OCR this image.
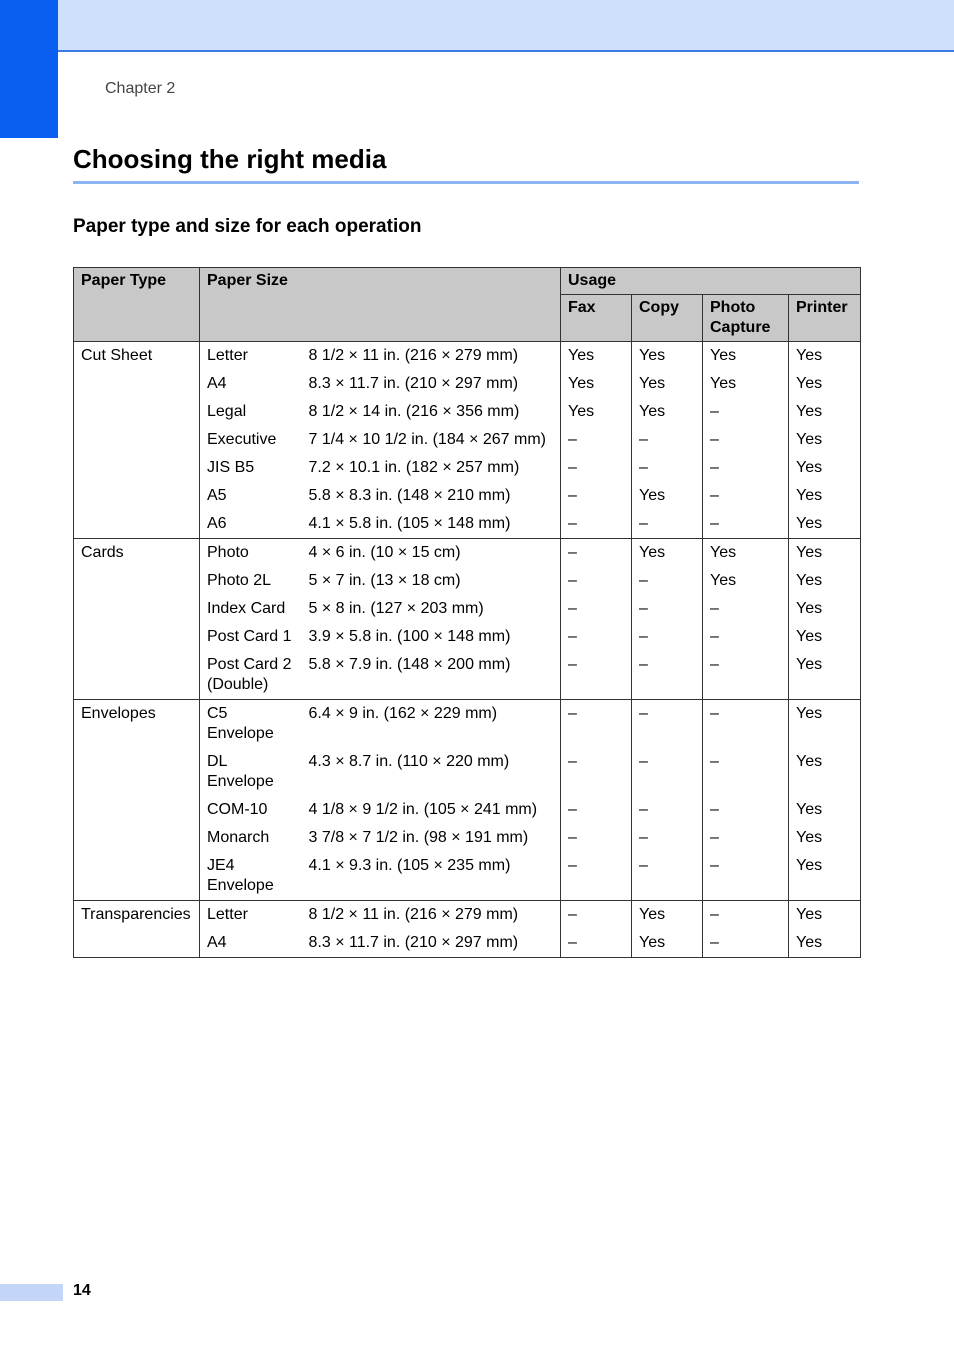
Chapter 2
Choosing the right media
Paper type and size for each operation
Paper Type	Paper Size		Usage			
			Fax	Copy	Photo Capture	Printer
Cut Sheet	Letter	8 1/2 × 11 in. (216 × 279 mm)	Yes	Yes	Yes	Yes
	A4	8.3 × 11.7 in. (210 × 297 mm)	Yes	Yes	Yes	Yes
	Legal	8 1/2 × 14 in. (216 × 356 mm)	Yes	Yes	–	Yes
	Executive	7 1/4 × 10 1/2 in. (184 × 267 mm)	–	–	–	Yes
	JIS B5	7.2 × 10.1 in. (182 × 257 mm)	–	–	–	Yes
	A5	5.8 × 8.3 in. (148 × 210 mm)	–	Yes	–	Yes
	A6	4.1 × 5.8 in. (105 × 148 mm)	–	–	–	Yes
Cards	Photo	4 × 6 in. (10 × 15 cm)	–	Yes	Yes	Yes
	Photo 2L	5 × 7 in. (13 × 18 cm)	–	–	Yes	Yes
	Index Card	5 × 8 in. (127 × 203 mm)	–	–	–	Yes
	Post Card 1	3.9 × 5.8 in. (100 × 148 mm)	–	–	–	Yes
	Post Card 2 (Double)	5.8 × 7.9 in. (148 × 200 mm)	–	–	–	Yes
Envelopes	C5 Envelope	6.4 × 9 in. (162 × 229 mm)	–	–	–	Yes
	DL Envelope	4.3 × 8.7 in. (110 × 220 mm)	–	–	–	Yes
	COM-10	4 1/8 × 9 1/2 in. (105 × 241 mm)	–	–	–	Yes
	Monarch	3 7/8 × 7 1/2 in. (98 × 191 mm)	–	–	–	Yes
	JE4 Envelope	4.1 × 9.3 in. (105 × 235 mm)	–	–	–	Yes
Transparencies	Letter	8 1/2 × 11 in. (216 × 279 mm)	–	Yes	–	Yes
	A4	8.3 × 11.7 in. (210 × 297 mm)	–	Yes	–	Yes
14
